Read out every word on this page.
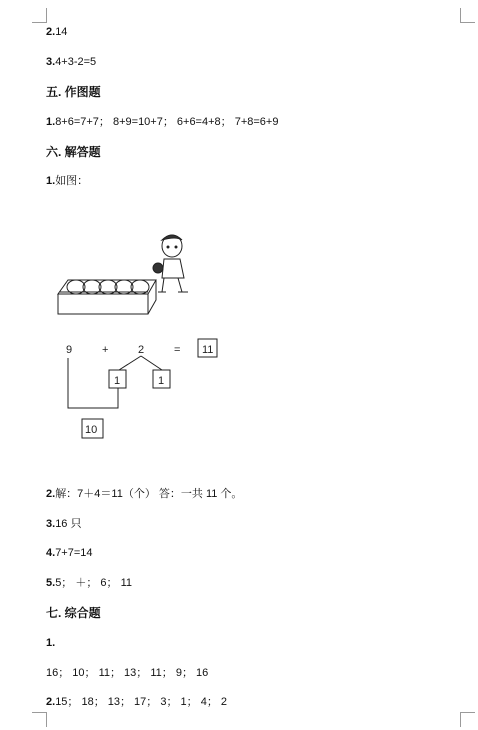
2.14
3.4+3-2=5
五. 作图题
1.8+6=7+7； 8+9=10+7； 6+6=4+8； 7+8=6+9
六. 解答题
1.如图：
9	+	2	= 11
1	1
10
2.解：7＋4＝11（个） 答：一共 11 个。
3.16 只
4.7+7=14
5.5； ＋； 6； 11
七. 综合题
1.
16； 10； 11； 13； 11； 9； 16
2.15； 18； 13； 17； 3； 1； 4； 2
